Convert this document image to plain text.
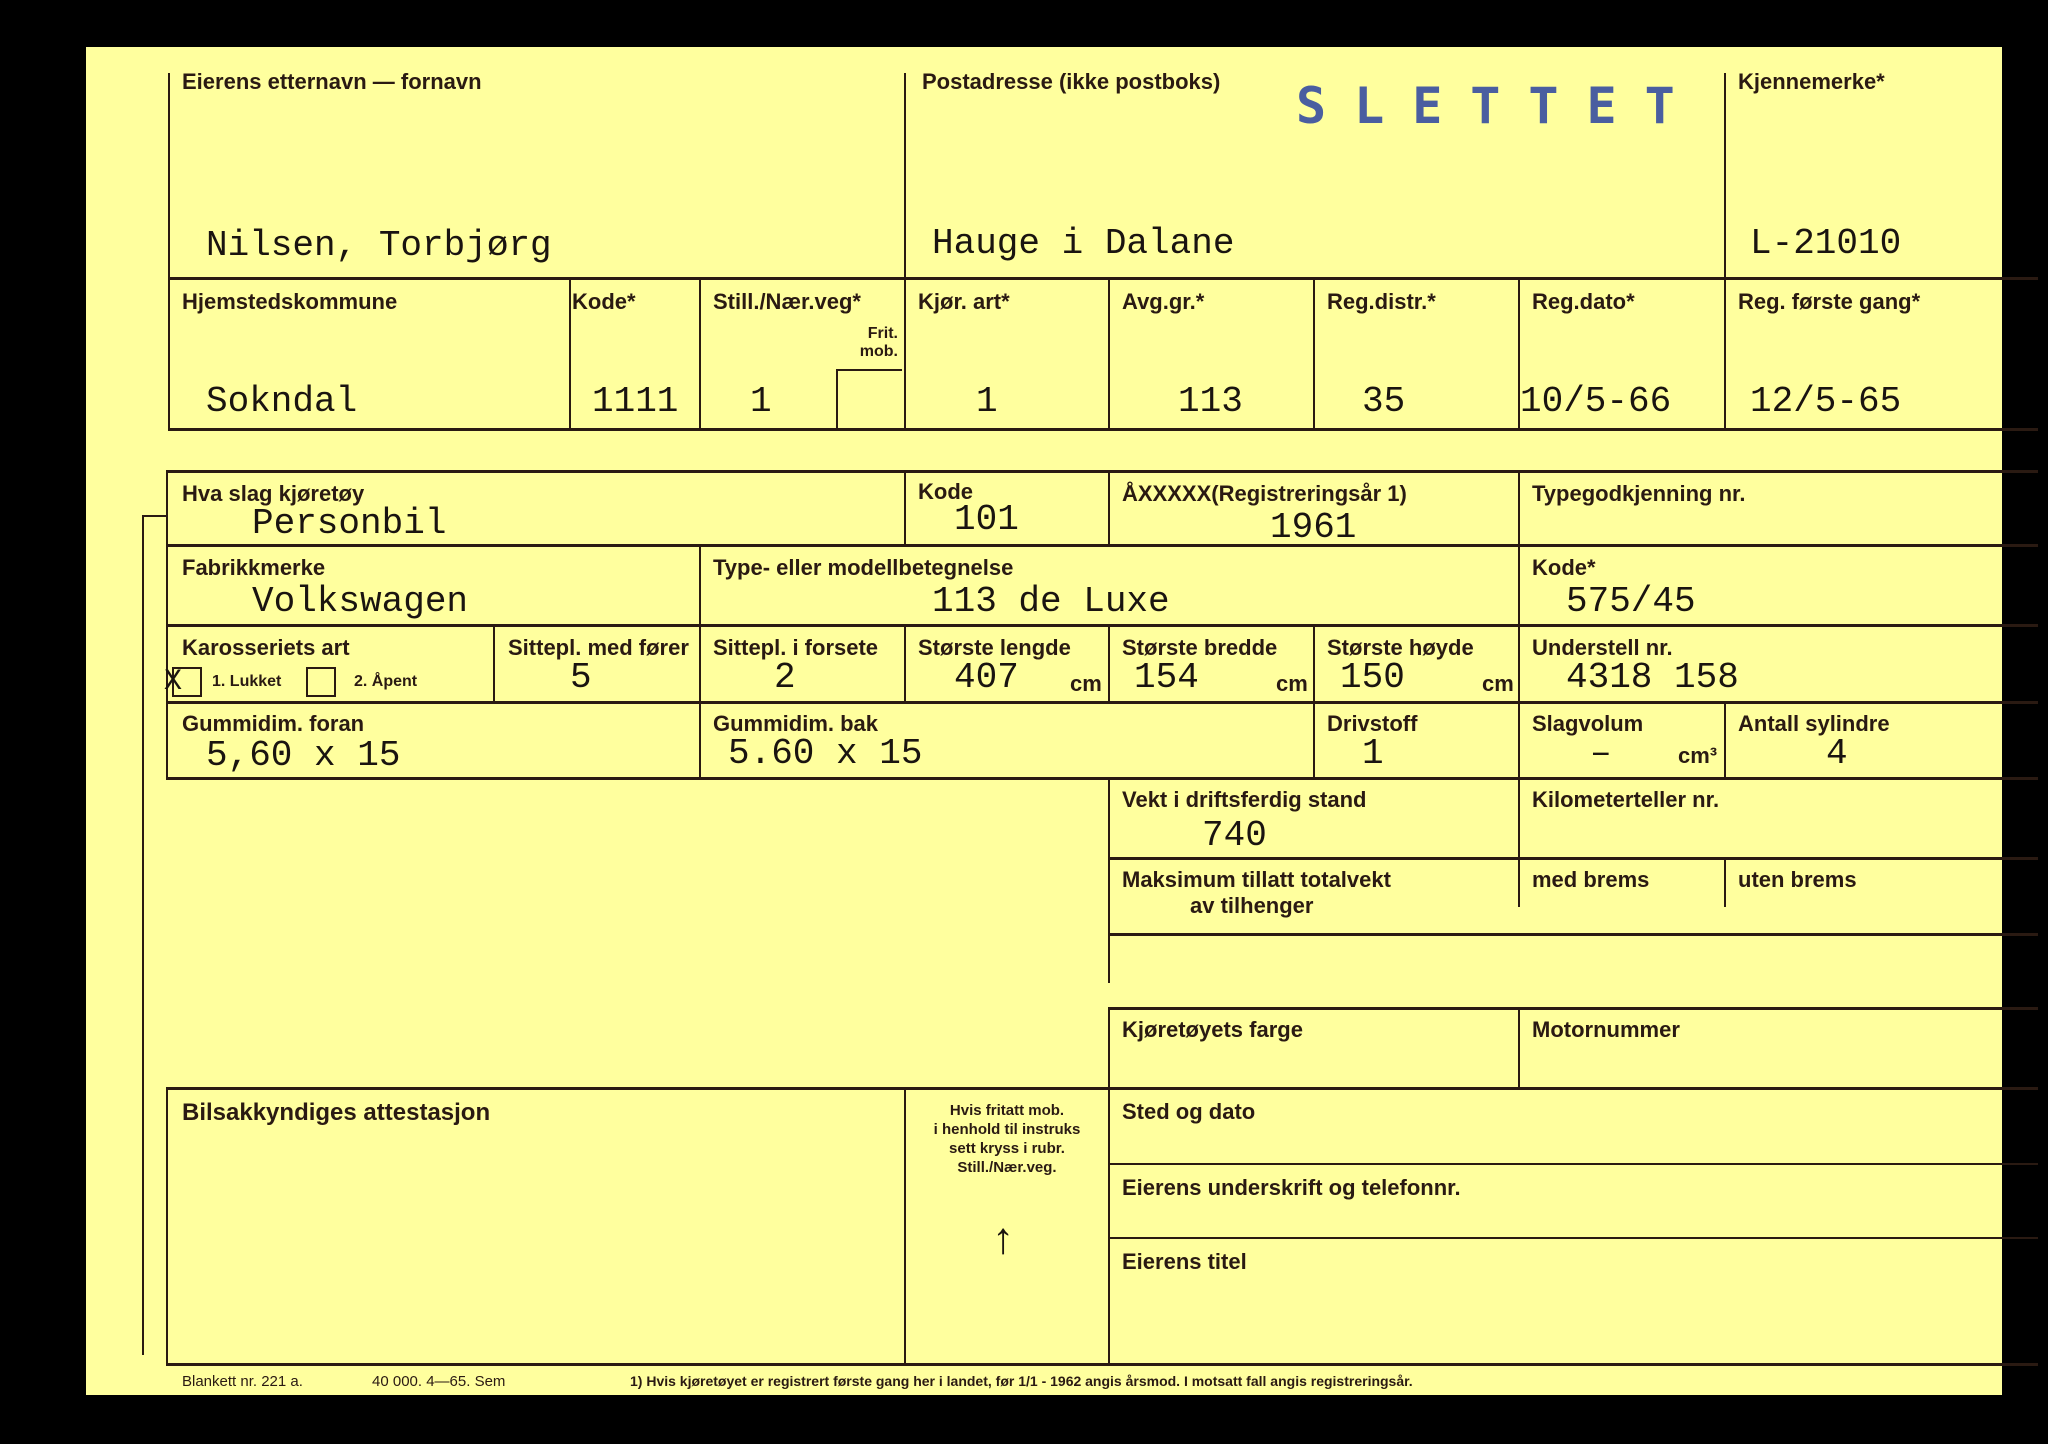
SLETTET
Eierens etternavn — fornavn
Nilsen, Torbjørg
Postadresse (ikke postboks)
Hauge i Dalane
Kjennemerke*
L-21010
Hjemstedskommune
Sokndal
Kode*
1111
Still./Nær.veg*
Frit. mob.
1
Kjør. art*
1
Avg.gr.*
113
Reg.distr.*
35
Reg.dato*
10/5-66
Reg. første gang*
12/5-65
Hva slag kjøretøy
Personbil
Kode
101
ÅXXXXX(Registreringsår 1)
1961
Typegodkjenning nr.
Fabrikkmerke
Volkswagen
Type- eller modellbetegnelse
113 de Luxe
Kode*
575/45
Karosseriets art
X 1. Lukket	2. Åpent
Sittepl. med fører
5
Sittepl. i forsete
2
Største lengde
407 cm
Største bredde
154	cm
Største høyde
150	cm
Understell nr.
4318 158
Gummidim. foran
5,60 x 15
Gummidim. bak
5.60 x 15
Drivstoff
1
Slagvolum
–	cm³
Antall sylindre
4
Vekt i driftsferdig stand
740
Kilometerteller nr.
Maksimum tillatt totalvekt
av tilhenger
med brems	uten brems
Kjøretøyets farge	Motornummer
Bilsakkyndiges attestasjon	Hvis fritatt mob.
i henhold til instruks
sett kryss i rubr.
Still./Nær.veg.
↑
Sted og dato
Eierens underskrift og telefonnr.
Eierens titel
Blankett nr. 221 a.	40 000. 4—65. Sem	1) Hvis kjøretøyet er registrert første gang her i landet, før 1/1 - 1962 angis årsmod. I motsatt fall angis registreringsår.
